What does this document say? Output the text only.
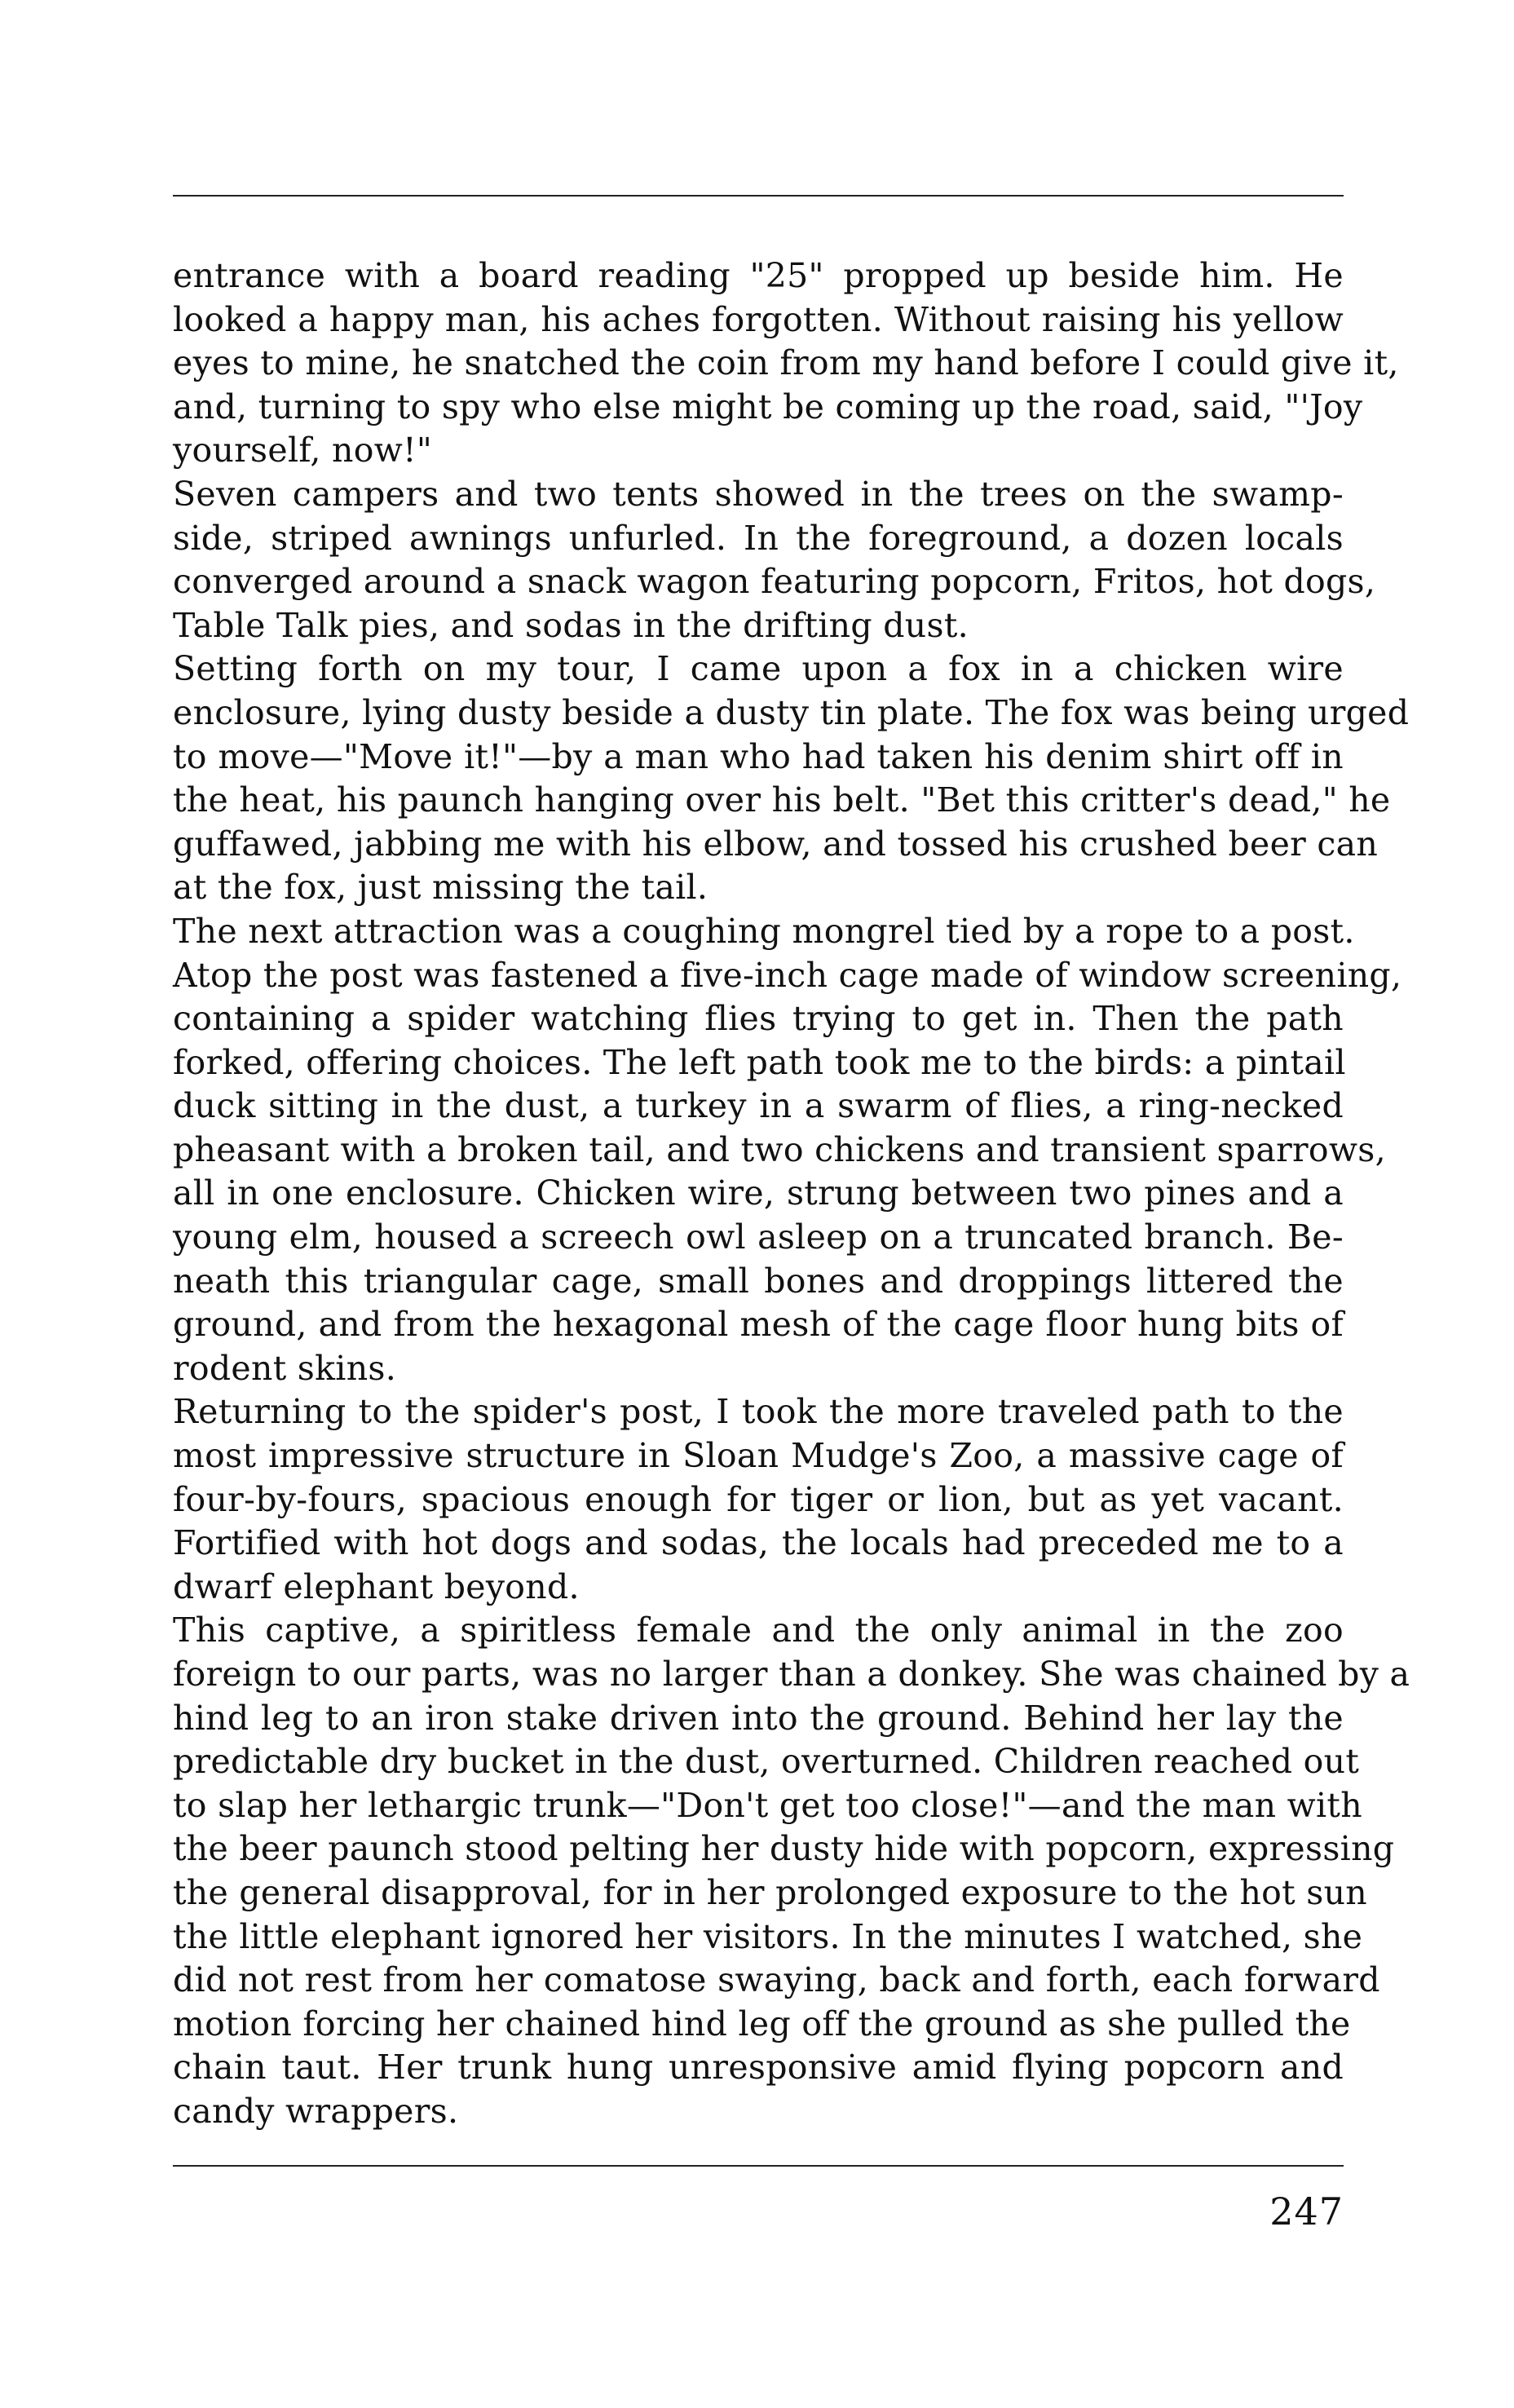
entrance with a board reading "25" propped up beside him. He
looked a happy man, his aches forgotten. Without raising his yellow
eyes to mine, he snatched the coin from my hand before I could give it,
and, turning to spy who else might be coming up the road, said, "'Joy
yourself, now!"
Seven campers and two tents showed in the trees on the swamp-
side, striped awnings unfurled. In the foreground, a dozen locals
converged around a snack wagon featuring popcorn, Fritos, hot dogs,
Table Talk pies, and sodas in the drifting dust.
Setting forth on my tour, I came upon a fox in a chicken wire
enclosure, lying dusty beside a dusty tin plate. The fox was being urged
to move—"Move it!"—by a man who had taken his denim shirt off in
the heat, his paunch hanging over his belt. "Bet this critter's dead," he
guffawed, jabbing me with his elbow, and tossed his crushed beer can
at the fox, just missing the tail.
The next attraction was a coughing mongrel tied by a rope to a post.
Atop the post was fastened a five-inch cage made of window screening,
containing a spider watching flies trying to get in. Then the path
forked, offering choices. The left path took me to the birds: a pintail
duck sitting in the dust, a turkey in a swarm of flies, a ring-necked
pheasant with a broken tail, and two chickens and transient sparrows,
all in one enclosure. Chicken wire, strung between two pines and a
young elm, housed a screech owl asleep on a truncated branch. Be-
neath this triangular cage, small bones and droppings littered the
ground, and from the hexagonal mesh of the cage floor hung bits of
rodent skins.
Returning to the spider's post, I took the more traveled path to the
most impressive structure in Sloan Mudge's Zoo, a massive cage of
four-by-fours, spacious enough for tiger or lion, but as yet vacant.
Fortified with hot dogs and sodas, the locals had preceded me to a
dwarf elephant beyond.
This captive, a spiritless female and the only animal in the zoo
foreign to our parts, was no larger than a donkey. She was chained by a
hind leg to an iron stake driven into the ground. Behind her lay the
predictable dry bucket in the dust, overturned. Children reached out
to slap her lethargic trunk—"Don't get too close!"—and the man with
the beer paunch stood pelting her dusty hide with popcorn, expressing
the general disapproval, for in her prolonged exposure to the hot sun
the little elephant ignored her visitors. In the minutes I watched, she
did not rest from her comatose swaying, back and forth, each forward
motion forcing her chained hind leg off the ground as she pulled the
chain taut. Her trunk hung unresponsive amid flying popcorn and
candy wrappers.
247
